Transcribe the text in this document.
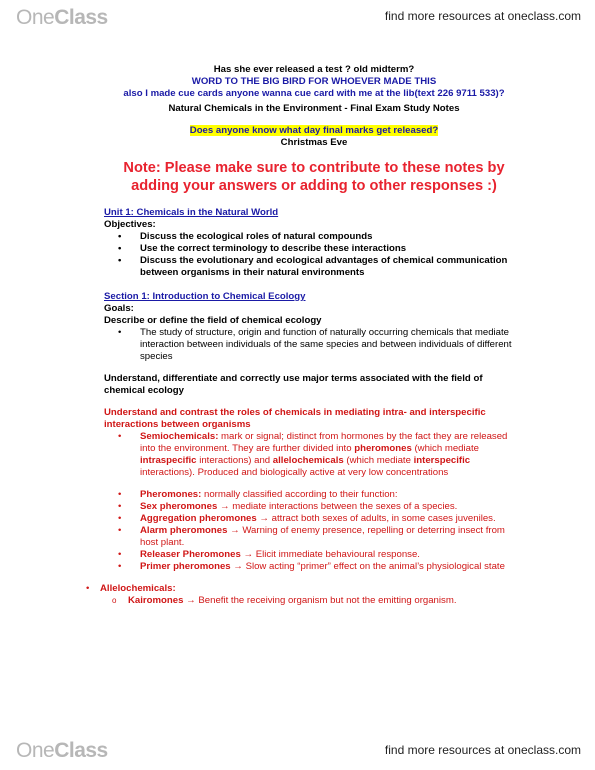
OneClass	find more resources at oneclass.com

Has she ever released a test ? old midterm?

WORD TO THE BIG BIRD FOR WHOEVER MADE THIS

also I made cue cards anyone wanna cue card with me at the lib(text 226 9711 533)?

Natural Chemicals in the Environment - Final Exam Study Notes

Does anyone know what day final marks get released?

Christmas Eve

Note: Please make sure to contribute to these notes by adding your answers or adding to other responses :)

Unit 1: Chemicals in the Natural World

Objectives:

• Discuss the ecological roles of natural compounds
• Use the correct terminology to describe these interactions
• Discuss the evolutionary and ecological advantages of chemical communication between organisms in their natural environments

Section 1: Introduction to Chemical Ecology

Goals:

Describe or define the field of chemical ecology

• The study of structure, origin and function of naturally occurring chemicals that mediate interaction between individuals of the same species and between individuals of different species

Understand, differentiate and correctly use major terms associated with the field of chemical ecology

Understand and contrast the roles of chemicals in mediating intra- and interspecific interactions between organisms

• Semiochemicals: mark or signal; distinct from hormones by the fact they are released into the environment. They are further divided into pheromones (which mediate intraspecific interactions) and allelochemicals (which mediate interspecific interactions). Produced and biologically active at very low concentrations
• Pheromones: normally classified according to their function:
• Sex pheromones → mediate interactions between the sexes of a species.
• Aggregation pheromones → attract both sexes of adults, in some cases juveniles.
• Alarm pheromones → Warning of enemy presence, repelling or deterring insect from host plant.
• Releaser Pheromones → Elicit immediate behavioural response.
• Primer pheromones → Slow acting “primer” effect on the animal’s physiological state
• Allelochemicals:
o Kairomones → Benefit the receiving organism but not the emitting organism.
OneClass	find more resources at oneclass.com
